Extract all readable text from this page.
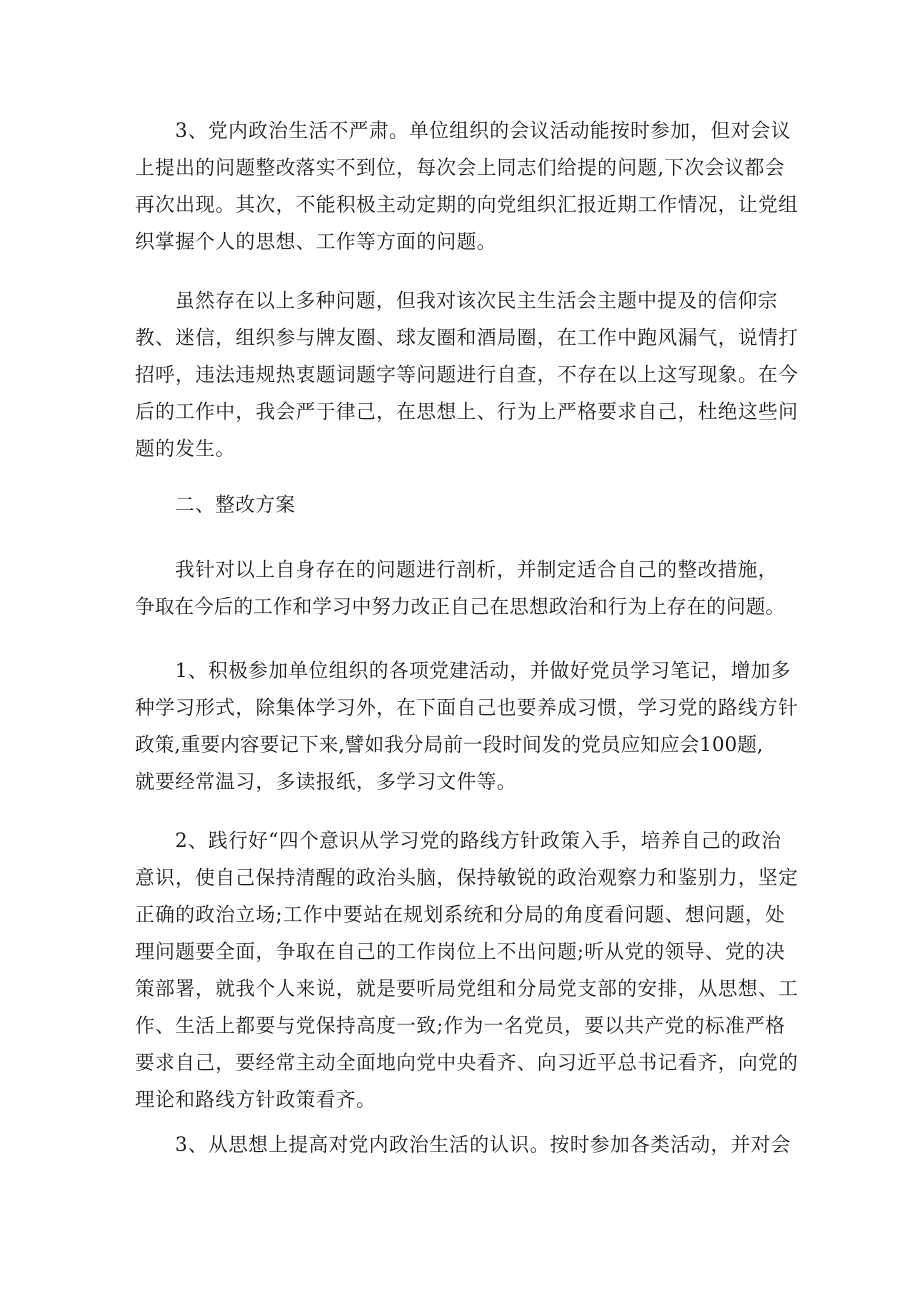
3、党内政治生活不严肃。单位组织的会议活动能按时参加，但对会议
上提出的问题整改落实不到位，每次会上同志们给提的问题,下次会议都会
再次出现。其次，不能积极主动定期的向党组织汇报近期工作情况，让党组
织掌握个人的思想、工作等方面的问题。
虽然存在以上多种问题，但我对该次民主生活会主题中提及的信仰宗
教、迷信，组织参与牌友圈、球友圈和酒局圈，在工作中跑风漏气，说情打
招呼，违法违规热衷题词题字等问题进行自查，不存在以上这写现象。在今
后的工作中，我会严于律己，在思想上、行为上严格要求自己，杜绝这些问
题的发生。
二、整改方案
我针对以上自身存在的问题进行剖析，并制定适合自己的整改措施，
争取在今后的工作和学习中努力改正自己在思想政治和行为上存在的问题。
1、积极参加单位组织的各项党建活动，并做好党员学习笔记，增加多
种学习形式，除集体学习外，在下面自己也要养成习惯，学习党的路线方针
政策,重要内容要记下来,譬如我分局前一段时间发的党员应知应会100题,
就要经常温习，多读报纸，多学习文件等。
2、践行好“四个意识从学习党的路线方针政策入手，培养自己的政治
意识，使自己保持清醒的政治头脑，保持敏锐的政治观察力和鉴别力，坚定
正确的政治立场;工作中要站在规划系统和分局的角度看问题、想问题，处
理问题要全面，争取在自己的工作岗位上不出问题;听从党的领导、党的决
策部署，就我个人来说，就是要听局党组和分局党支部的安排，从思想、工
作、生活上都要与党保持高度一致;作为一名党员，要以共产党的标准严格
要求自己，要经常主动全面地向党中央看齐、向习近平总书记看齐，向党的
理论和路线方针政策看齐。
3、从思想上提高对党内政治生活的认识。按时参加各类活动，并对会
